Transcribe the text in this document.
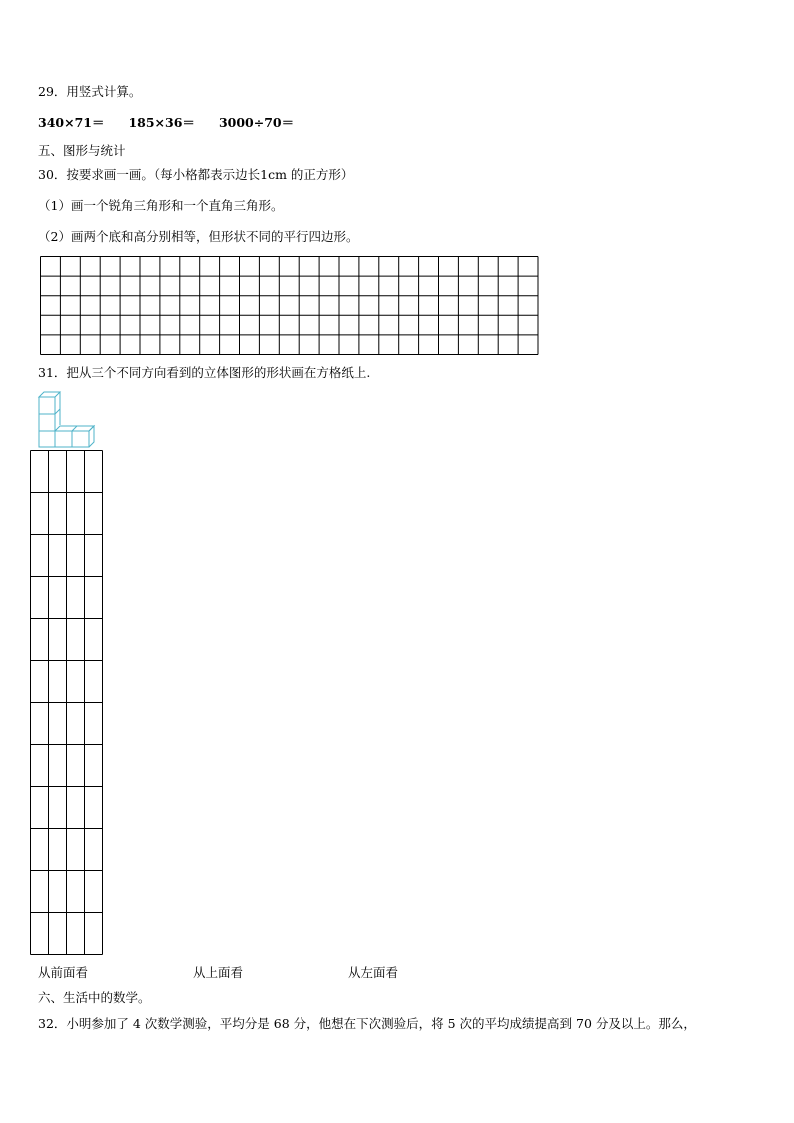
29．用竖式计算。
340×71＝ 185×36＝ 3000÷70＝
五、图形与统计
30．按要求画一画。（每小格都表示边长1cm 的正方形）
（1）画一个锐角三角形和一个直角三角形。
（2）画两个底和高分别相等，但形状不同的平行四边形。
31．把从三个不同方向看到的立体图形的形状画在方格纸上.
从前面看	从上面看	从左面看
六、生活中的数学。
32．小明参加了 4 次数学测验，平均分是 68 分，他想在下次测验后，将 5 次的平均成绩提高到 70 分及以上。那么，
